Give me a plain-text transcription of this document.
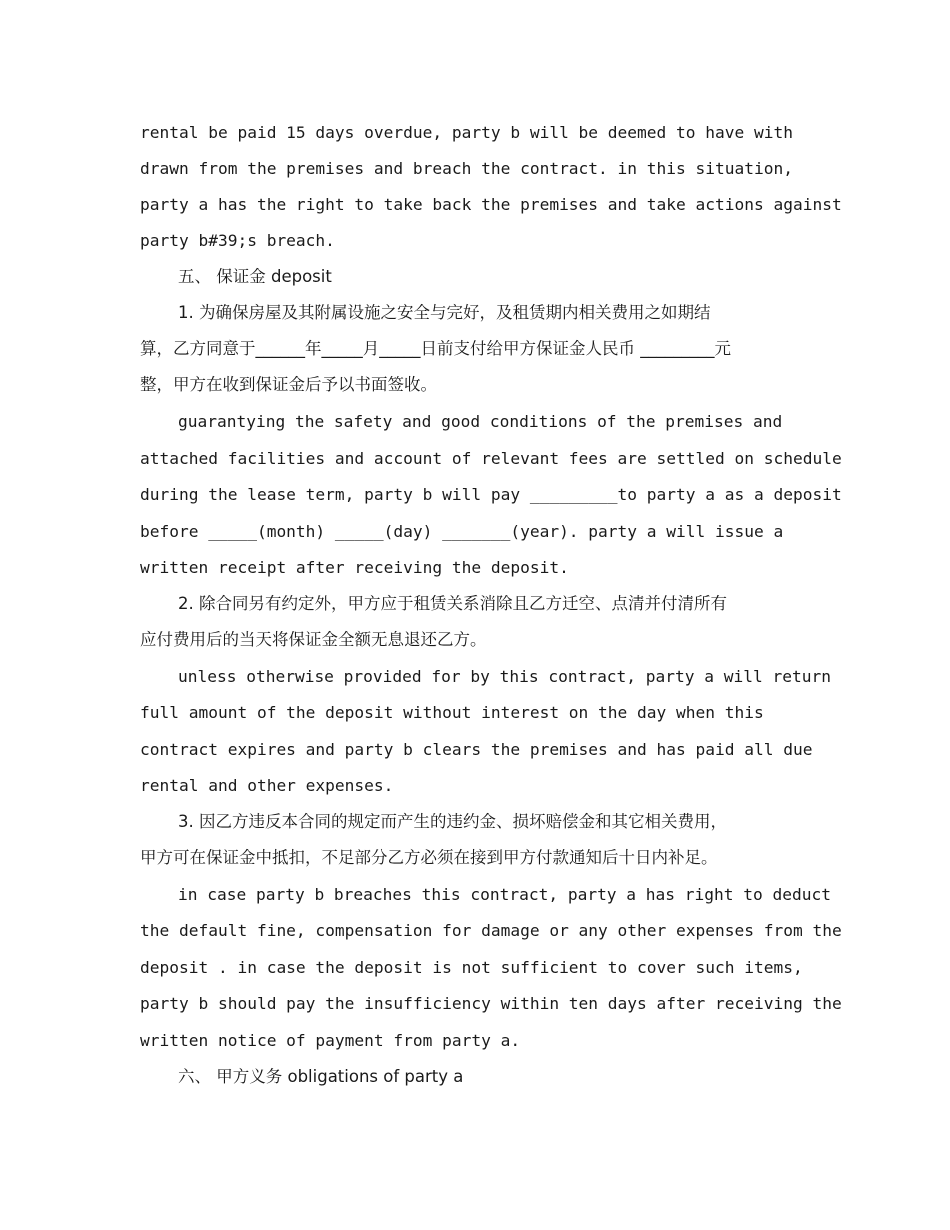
rental be paid 15 days overdue, party b will be deemed to have with
drawn from the premises and breach the contract. in this situation,
party a has the right to take back the premises and take actions against
party b#39;s breach.
五、 保证金 deposit
1. 为确保房屋及其附属设施之安全与完好，及租赁期内相关费用之如期结
算，乙方同意于______年_____月_____日前支付给甲方保证金人民币 _________元
整，甲方在收到保证金后予以书面签收。
guarantying the safety and good conditions of the premises and
attached facilities and account of relevant fees are settled on schedule
during the lease term, party b will pay _________to party a as a deposit
before _____(month) _____(day) _______(year). party a will issue a
written receipt after receiving the deposit.
2. 除合同另有约定外，甲方应于租赁关系消除且乙方迁空、点清并付清所有
应付费用后的当天将保证金全额无息退还乙方。
unless otherwise provided for by this contract, party a will return
full amount of the deposit without interest on the day when this
contract expires and party b clears the premises and has paid all due
rental and other expenses.
3. 因乙方违反本合同的规定而产生的违约金、损坏赔偿金和其它相关费用，
甲方可在保证金中抵扣，不足部分乙方必须在接到甲方付款通知后十日内补足。
in case party b breaches this contract, party a has right to deduct
the default fine, compensation for damage or any other expenses from the
deposit . in case the deposit is not sufficient to cover such items,
party b should pay the insufficiency within ten days after receiving the
written notice of payment from party a.
六、 甲方义务 obligations of party a
